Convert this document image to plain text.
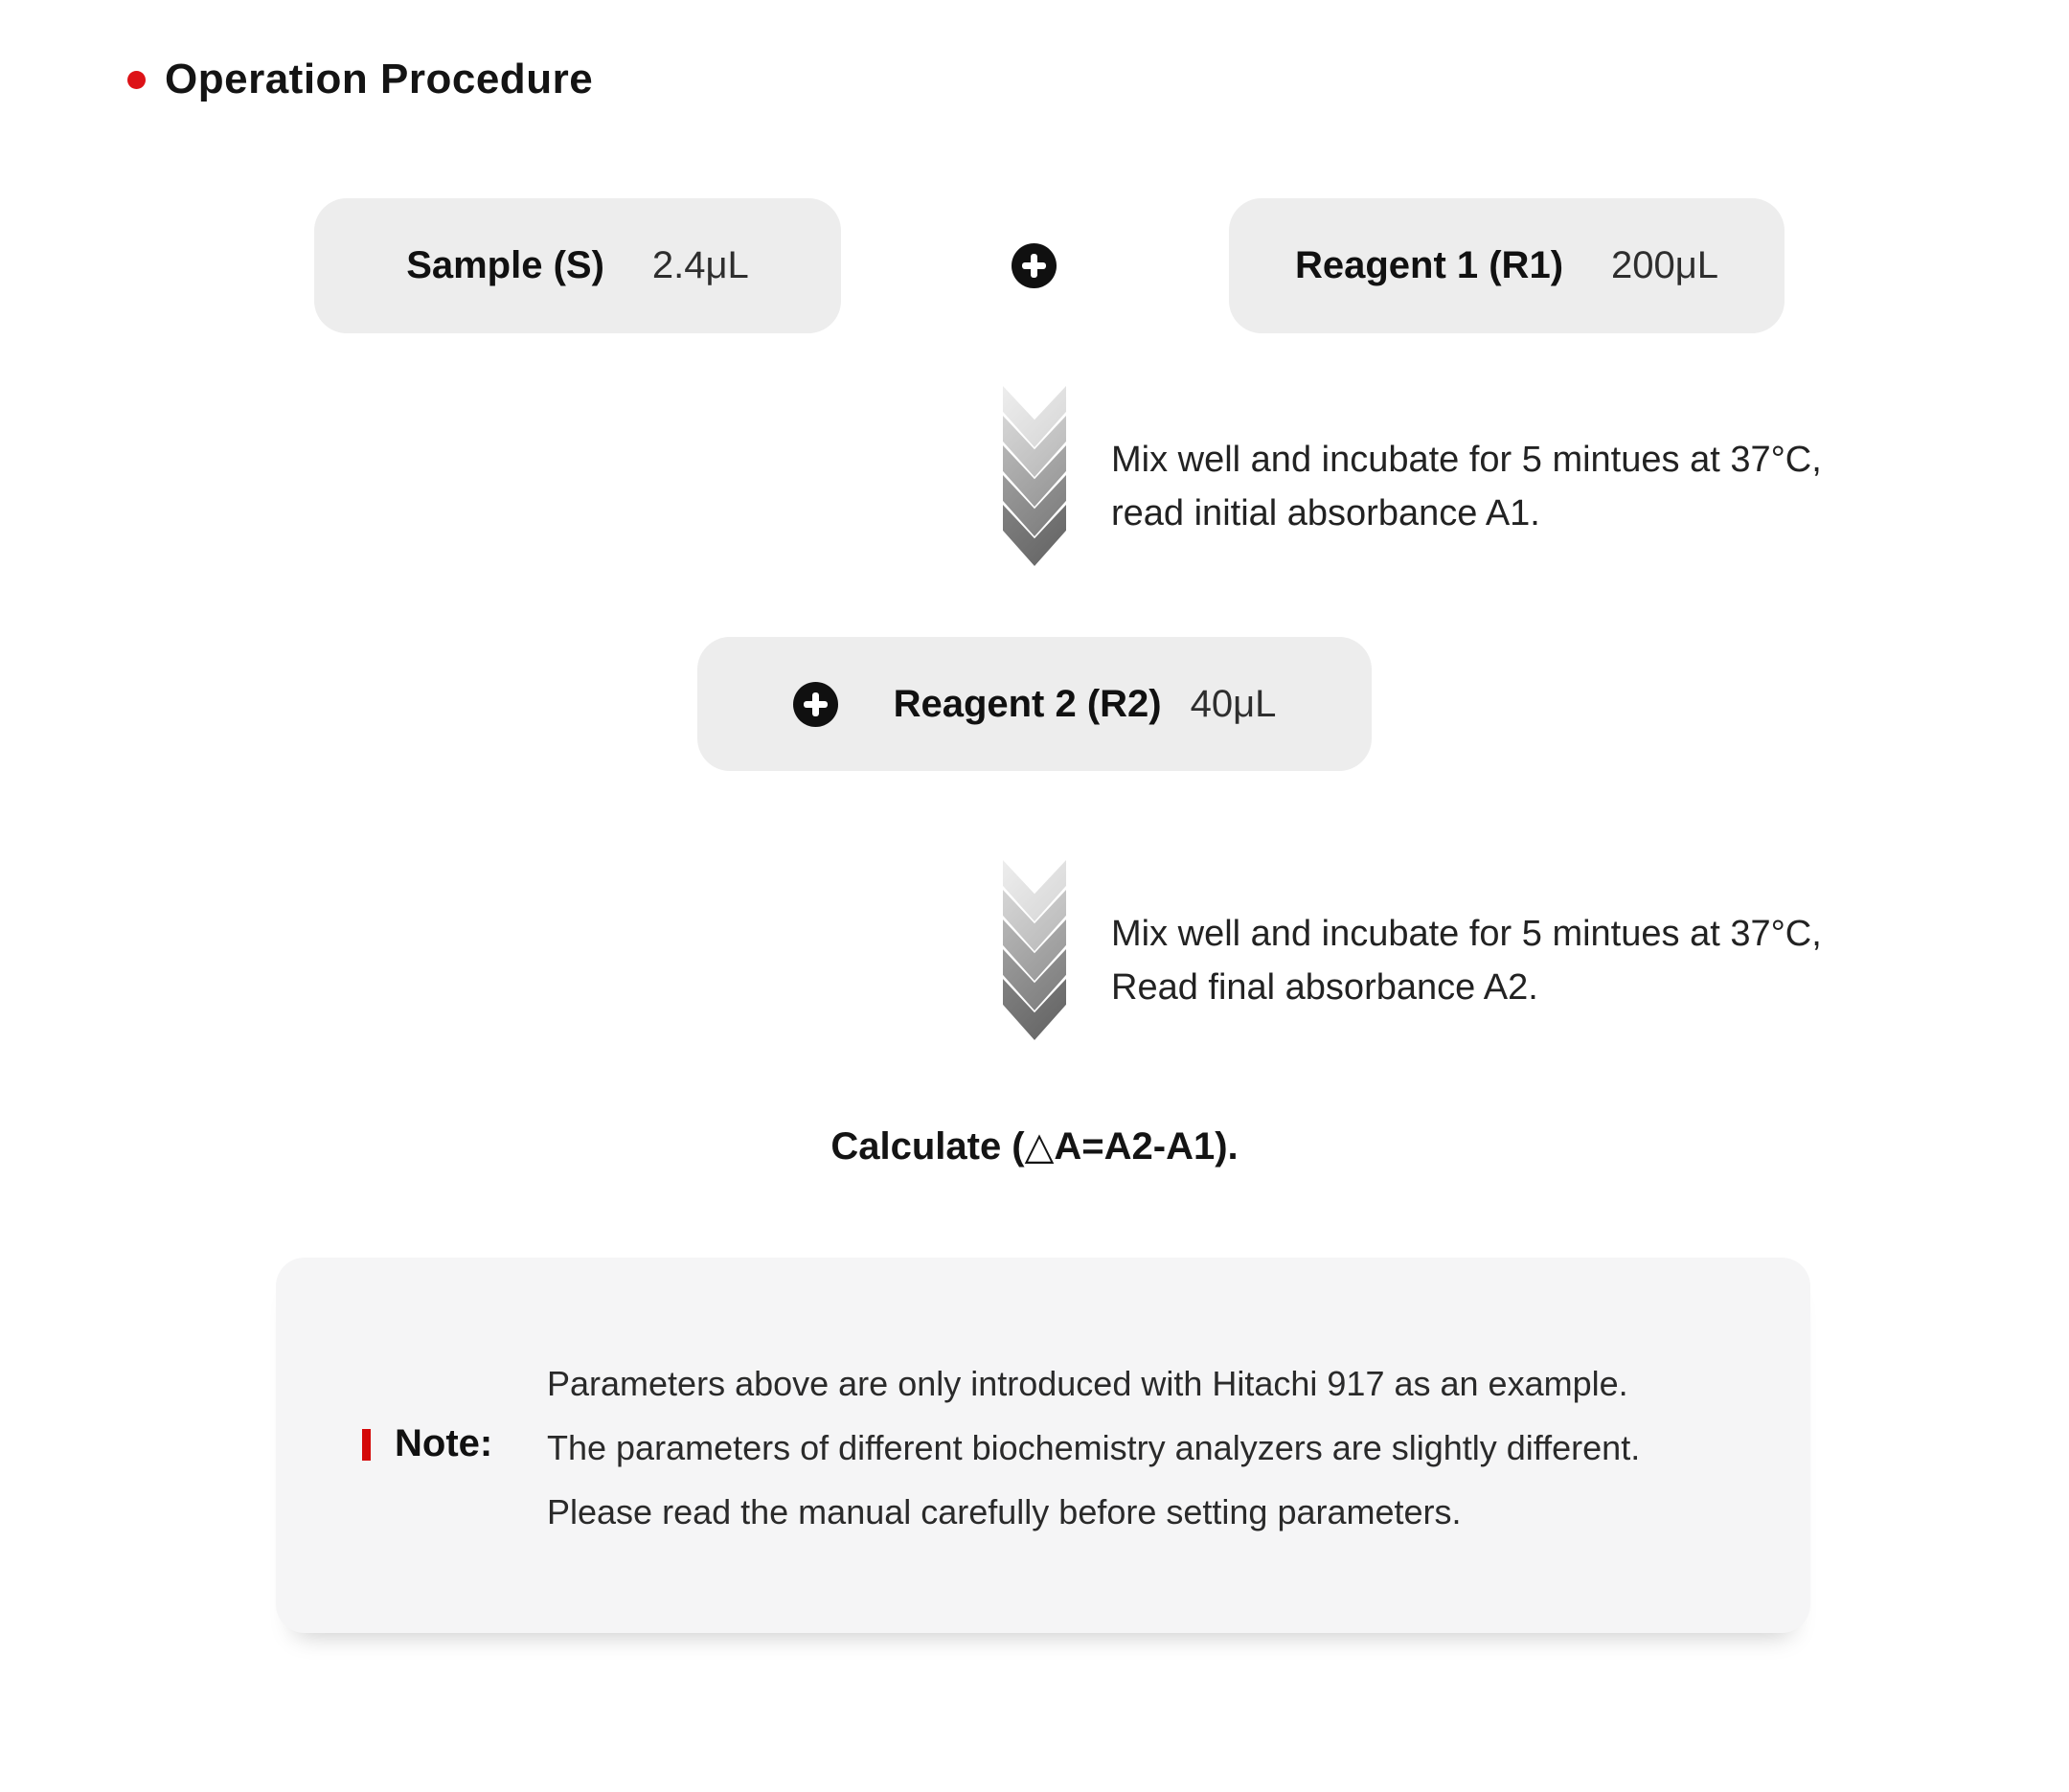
Operation Procedure
Sample (S) 2.4μL	Reagent 1 (R1) 200μL
Mix well and incubate for 5 mintues at 37°C,
read initial absorbance A1.
Reagent 2 (R2) 40μL
Mix well and incubate for 5 mintues at 37°C,
Read final absorbance A2.
Calculate (△A=A2-A1).
Note:
Parameters above are only introduced with Hitachi 917 as an example.
The parameters of different biochemistry analyzers are slightly different.
Please read the manual carefully before setting parameters.
